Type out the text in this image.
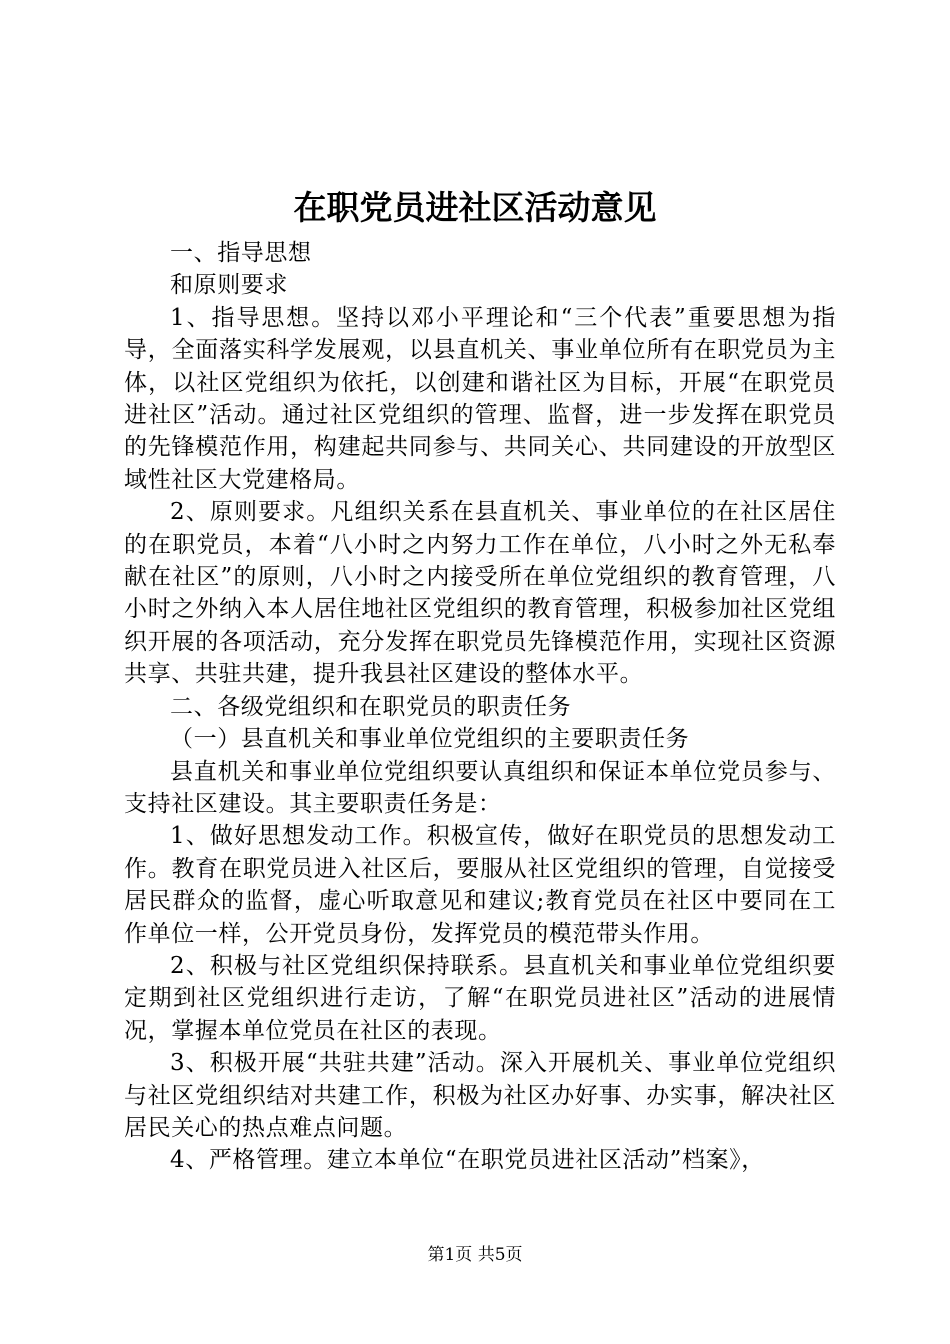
在职党员进社区活动意见

一、指导思想

和原则要求

1、指导思想。坚持以邓小平理论和“三个代表”重要思想为指导，全面落实科学发展观，以县直机关、事业单位所有在职党员为主体，以社区党组织为依托，以创建和谐社区为目标，开展“在职党员进社区”活动。通过社区党组织的管理、监督，进一步发挥在职党员的先锋模范作用，构建起共同参与、共同关心、共同建设的开放型区域性社区大党建格局。

2、原则要求。凡组织关系在县直机关、事业单位的在社区居住的在职党员，本着“八小时之内努力工作在单位，八小时之外无私奉献在社区”的原则，八小时之内接受所在单位党组织的教育管理，八小时之外纳入本人居住地社区党组织的教育管理，积极参加社区党组织开展的各项活动，充分发挥在职党员先锋模范作用，实现社区资源共享、共驻共建，提升我县社区建设的整体水平。

二、各级党组织和在职党员的职责任务

（一）县直机关和事业单位党组织的主要职责任务

县直机关和事业单位党组织要认真组织和保证本单位党员参与、支持社区建设。其主要职责任务是：

1、做好思想发动工作。积极宣传，做好在职党员的思想发动工作。教育在职党员进入社区后，要服从社区党组织的管理，自觉接受居民群众的监督，虚心听取意见和建议;教育党员在社区中要同在工作单位一样，公开党员身份，发挥党员的模范带头作用。

2、积极与社区党组织保持联系。县直机关和事业单位党组织要定期到社区党组织进行走访，了解“在职党员进社区”活动的进展情况，掌握本单位党员在社区的表现。

3、积极开展“共驻共建”活动。深入开展机关、事业单位党组织与社区党组织结对共建工作，积极为社区办好事、办实事，解决社区居民关心的热点难点问题。

4、严格管理。建立本单位“在职党员进社区活动”档案》，

第1页 共5页
